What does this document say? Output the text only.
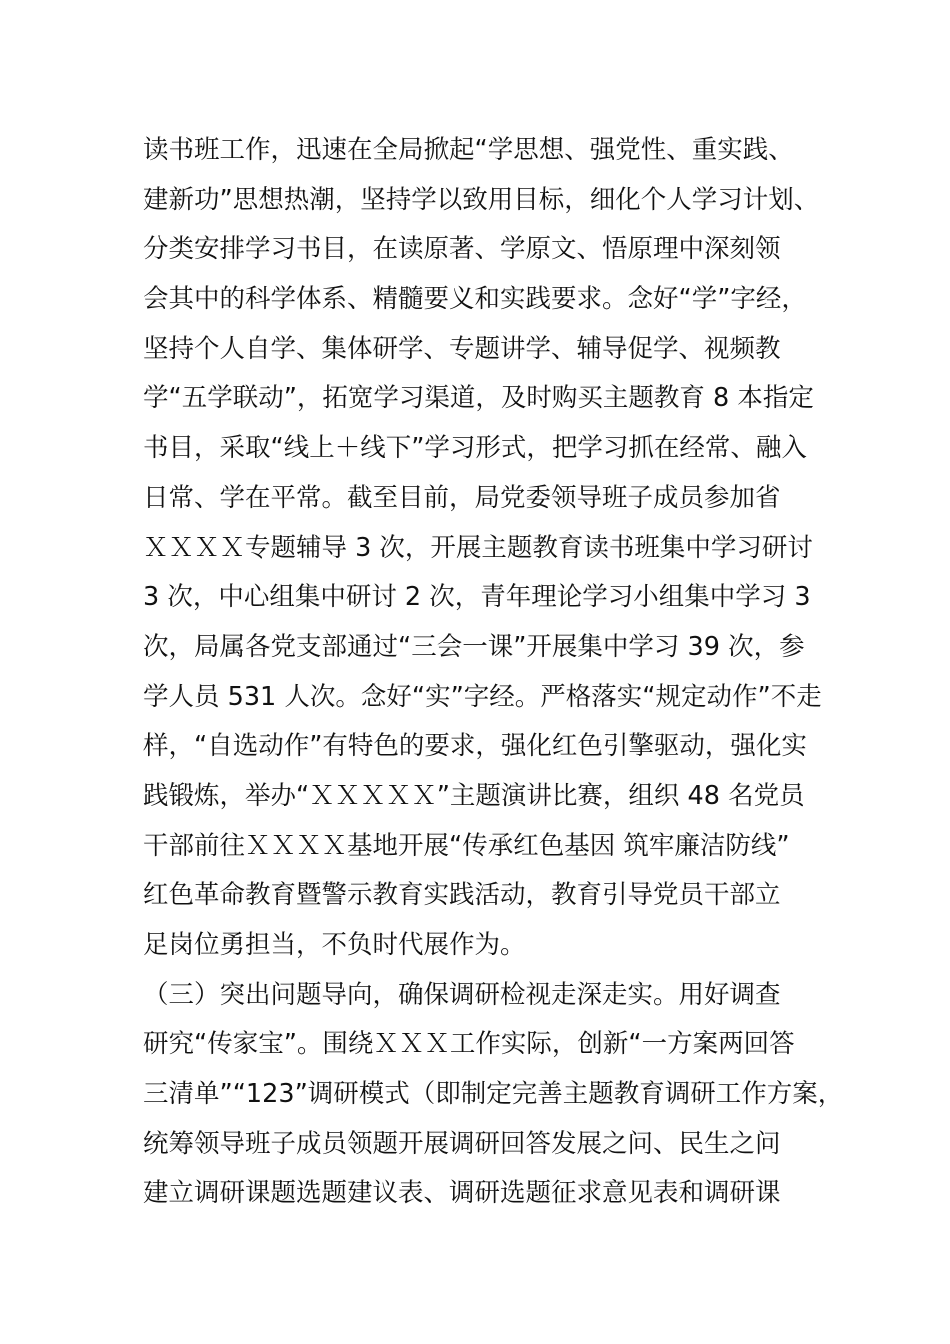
读书班工作，迅速在全局掀起“学思想、强党性、重实践、
建新功”思想热潮，坚持学以致用目标，细化个人学习计划、
分类安排学习书目，在读原著、学原文、悟原理中深刻领
会其中的科学体系、精髓要义和实践要求。念好“学”字经，
坚持个人自学、集体研学、专题讲学、辅导促学、视频教
学“五学联动”，拓宽学习渠道，及时购买主题教育 8 本指定
书目，采取“线上＋线下”学习形式，把学习抓在经常、融入
日常、学在平常。截至目前，局党委领导班子成员参加省
ＸＸＸＸ专题辅导 3 次，开展主题教育读书班集中学习研讨
3 次，中心组集中研讨 2 次，青年理论学习小组集中学习 3
次，局属各党支部通过“三会一课”开展集中学习 39 次，参
学人员 531 人次。念好“实”字经。严格落实“规定动作”不走
样，“自选动作”有特色的要求，强化红色引擎驱动，强化实
践锻炼，举办“ＸＸＸＸＸ”主题演讲比赛，组织 48 名党员
干部前往ＸＸＸＸ基地开展“传承红色基因 筑牢廉洁防线”
红色革命教育暨警示教育实践活动，教育引导党员干部立
足岗位勇担当，不负时代展作为。
（三）突出问题导向，确保调研检视走深走实。用好调查
研究“传家宝”。围绕ＸＸＸ工作实际，创新“一方案两回答
三清单”“123”调研模式（即制定完善主题教育调研工作方案，
统筹领导班子成员领题开展调研回答发展之问、民生之问
建立调研课题选题建议表、调研选题征求意见表和调研课
